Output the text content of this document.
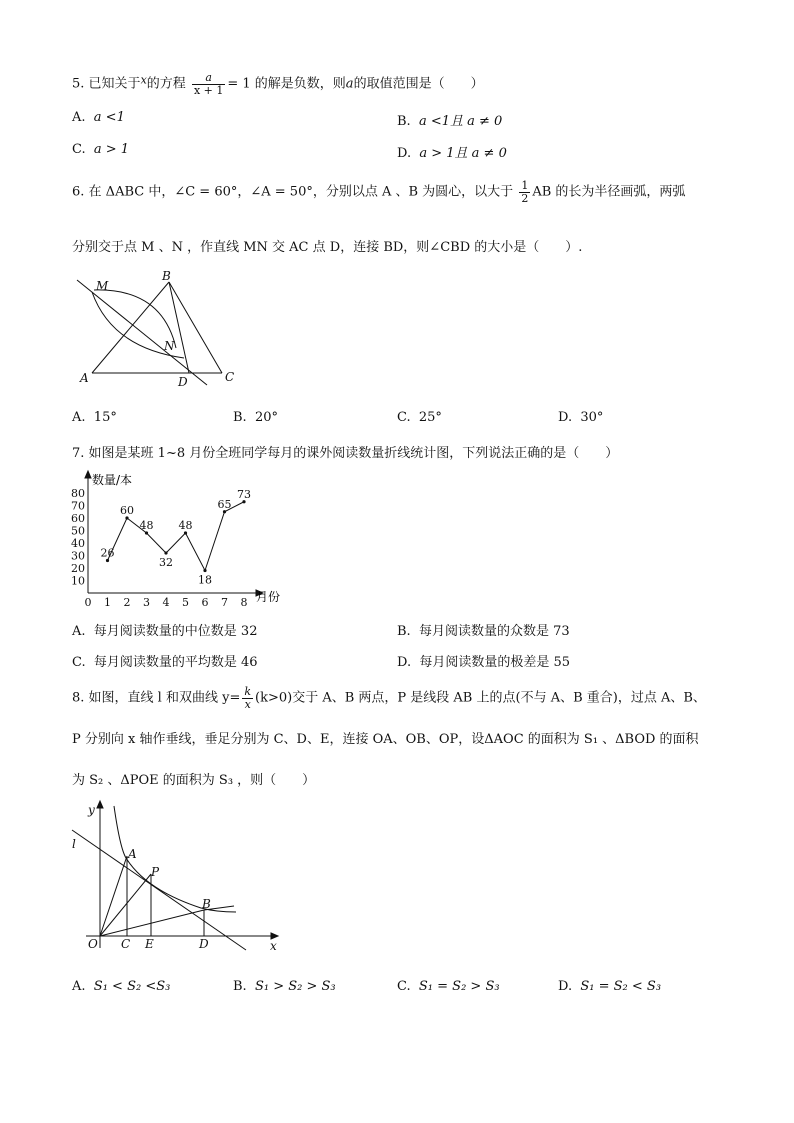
5. 已知关于$^x$的方程 $\frac{a}{x + 1} = 1$ 的解是负数，则a的取值范围是（　　）
A. a <1	B. a <1且 a ≠ 0
C. a > 1	D. a > 1且 a ≠ 0
6. 在 ΔABC 中，∠C = 60°，∠A = 50°，分别以点 A 、B 为圆心，以大于 $\frac{1}{2}$ AB 的长为半径画弧，两弧
分别交于点 M 、N ，作直线 MN 交 AC 点 D，连接 BD，则∠CBD 的大小是（　　）.
M
B
N
A	D	C
A. 15°	B. 20°	C. 25°	D. 30°
7. 如图是某班 1~8 月份全班同学每月的课外阅读数量折线统计图，下列说法正确的是（　　）
数量/本
月份
10
20
30
40
50
60
70
80
0 1 2 3 4 5 6 7 8
26
60
48
32
48
18
65
73
A. 每月阅读数量的中位数是 32	B. 每月阅读数量的众数是 73
C. 每月阅读数量的平均数是 46	D. 每月阅读数量的极差是 55
8. 如图，直线 l 和双曲线 $y= \frac{k}{x} (k>0)$交于 A、B 两点，P 是线段 AB 上的点(不与 A、B 重合)，过点 A、B、
P 分别向 x 轴作垂线，垂足分别为 C、D、E，连接 OA、OB、OP，设ΔAOC 的面积为 S₁ 、ΔBOD 的面积
为 S₂ 、ΔPOE 的面积为 S₃ ，则（　　）
y
l
A
P
B
O C E	D	x
A. S₁ < S₂ <S₃	B. S₁ > S₂ > S₃	C. S₁ = S₂ > S₃	D. S₁ = S₂ < S₃
